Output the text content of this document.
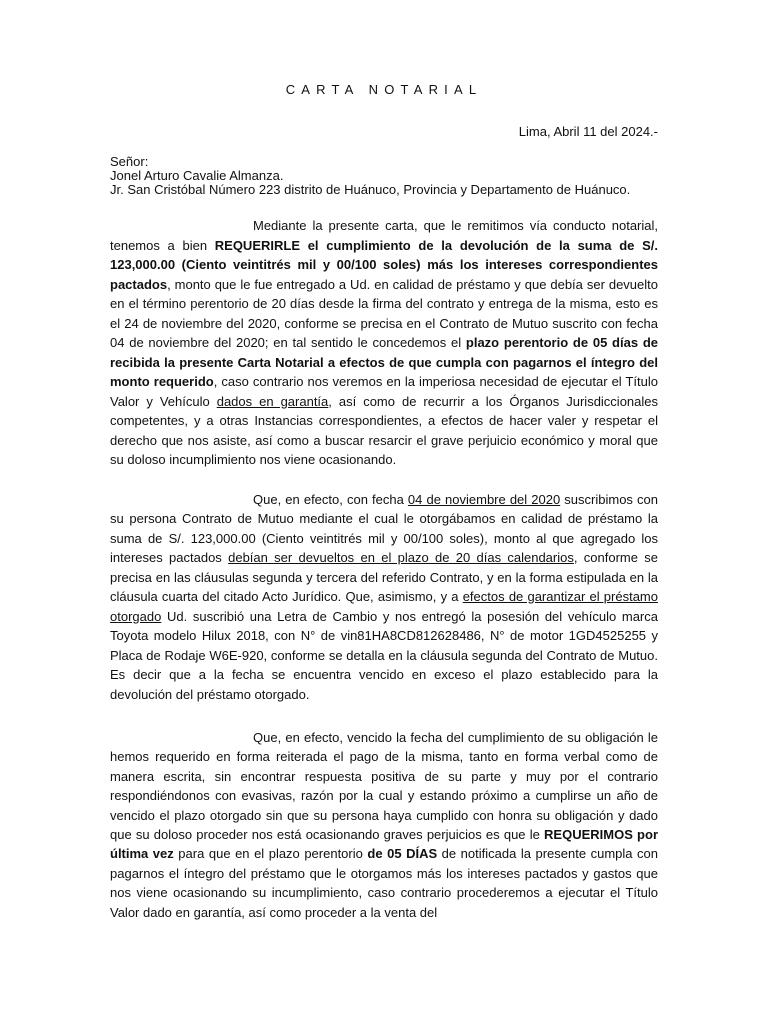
CARTA NOTARIAL
Lima, Abril 11 del 2024.-
Señor:
Jonel Arturo Cavalie Almanza.
Jr. San Cristóbal Número 223 distrito de Huánuco, Provincia y Departamento de Huánuco.

Mediante la presente carta, que le remitimos vía conducto notarial, tenemos a bien REQUERIRLE el cumplimiento de la devolución de la suma de S/. 123,000.00 (Ciento veintitrés mil y 00/100 soles) más los intereses correspondientes pactados, monto que le fue entregado a Ud. en calidad de préstamo y que debía ser devuelto en el término perentorio de 20 días desde la firma del contrato y entrega de la misma, esto es el 24 de noviembre del 2020, conforme se precisa en el Contrato de Mutuo suscrito con fecha 04 de noviembre del 2020; en tal sentido le concedemos el plazo perentorio de 05 días de recibida la presente Carta Notarial a efectos de que cumpla con pagarnos el íntegro del monto requerido, caso contrario nos veremos en la imperiosa necesidad de ejecutar el Título Valor y Vehículo dados en garantía, así como de recurrir a los Órganos Jurisdiccionales competentes, y a otras Instancias correspondientes, a efectos de hacer valer y respetar el derecho que nos asiste, así como a buscar resarcir el grave perjuicio económico y moral que su doloso incumplimiento nos viene ocasionando.

Que, en efecto, con fecha 04 de noviembre del 2020 suscribimos con su persona Contrato de Mutuo mediante el cual le otorgábamos en calidad de préstamo la suma de S/. 123,000.00 (Ciento veintitrés mil y 00/100 soles), monto al que agregado los intereses pactados debían ser devueltos en el plazo de 20 días calendarios, conforme se precisa en las cláusulas segunda y tercera del referido Contrato, y en la forma estipulada en la cláusula cuarta del citado Acto Jurídico. Que, asimismo, y a efectos de garantizar el préstamo otorgado Ud. suscribió una Letra de Cambio y nos entregó la posesión del vehículo marca Toyota modelo Hilux 2018, con N° de vin81HA8CD812628486, N° de motor 1GD4525255 y Placa de Rodaje W6E-920, conforme se detalla en la cláusula segunda del Contrato de Mutuo. Es decir que a la fecha se encuentra vencido en exceso el plazo establecido para la devolución del préstamo otorgado.

Que, en efecto, vencido la fecha del cumplimiento de su obligación le hemos requerido en forma reiterada el pago de la misma, tanto en forma verbal como de manera escrita, sin encontrar respuesta positiva de su parte y muy por el contrario respondiéndonos con evasivas, razón por la cual y estando próximo a cumplirse un año de vencido el plazo otorgado sin que su persona haya cumplido con honra su obligación y dado que su doloso proceder nos está ocasionando graves perjuicios es que le REQUERIMOS por última vez para que en el plazo perentorio de 05 DÍAS de notificada la presente cumpla con pagarnos el íntegro del préstamo que le otorgamos más los intereses pactados y gastos que nos viene ocasionando su incumplimiento, caso contrario procederemos a ejecutar el Título Valor dado en garantía, así como proceder a la venta del
